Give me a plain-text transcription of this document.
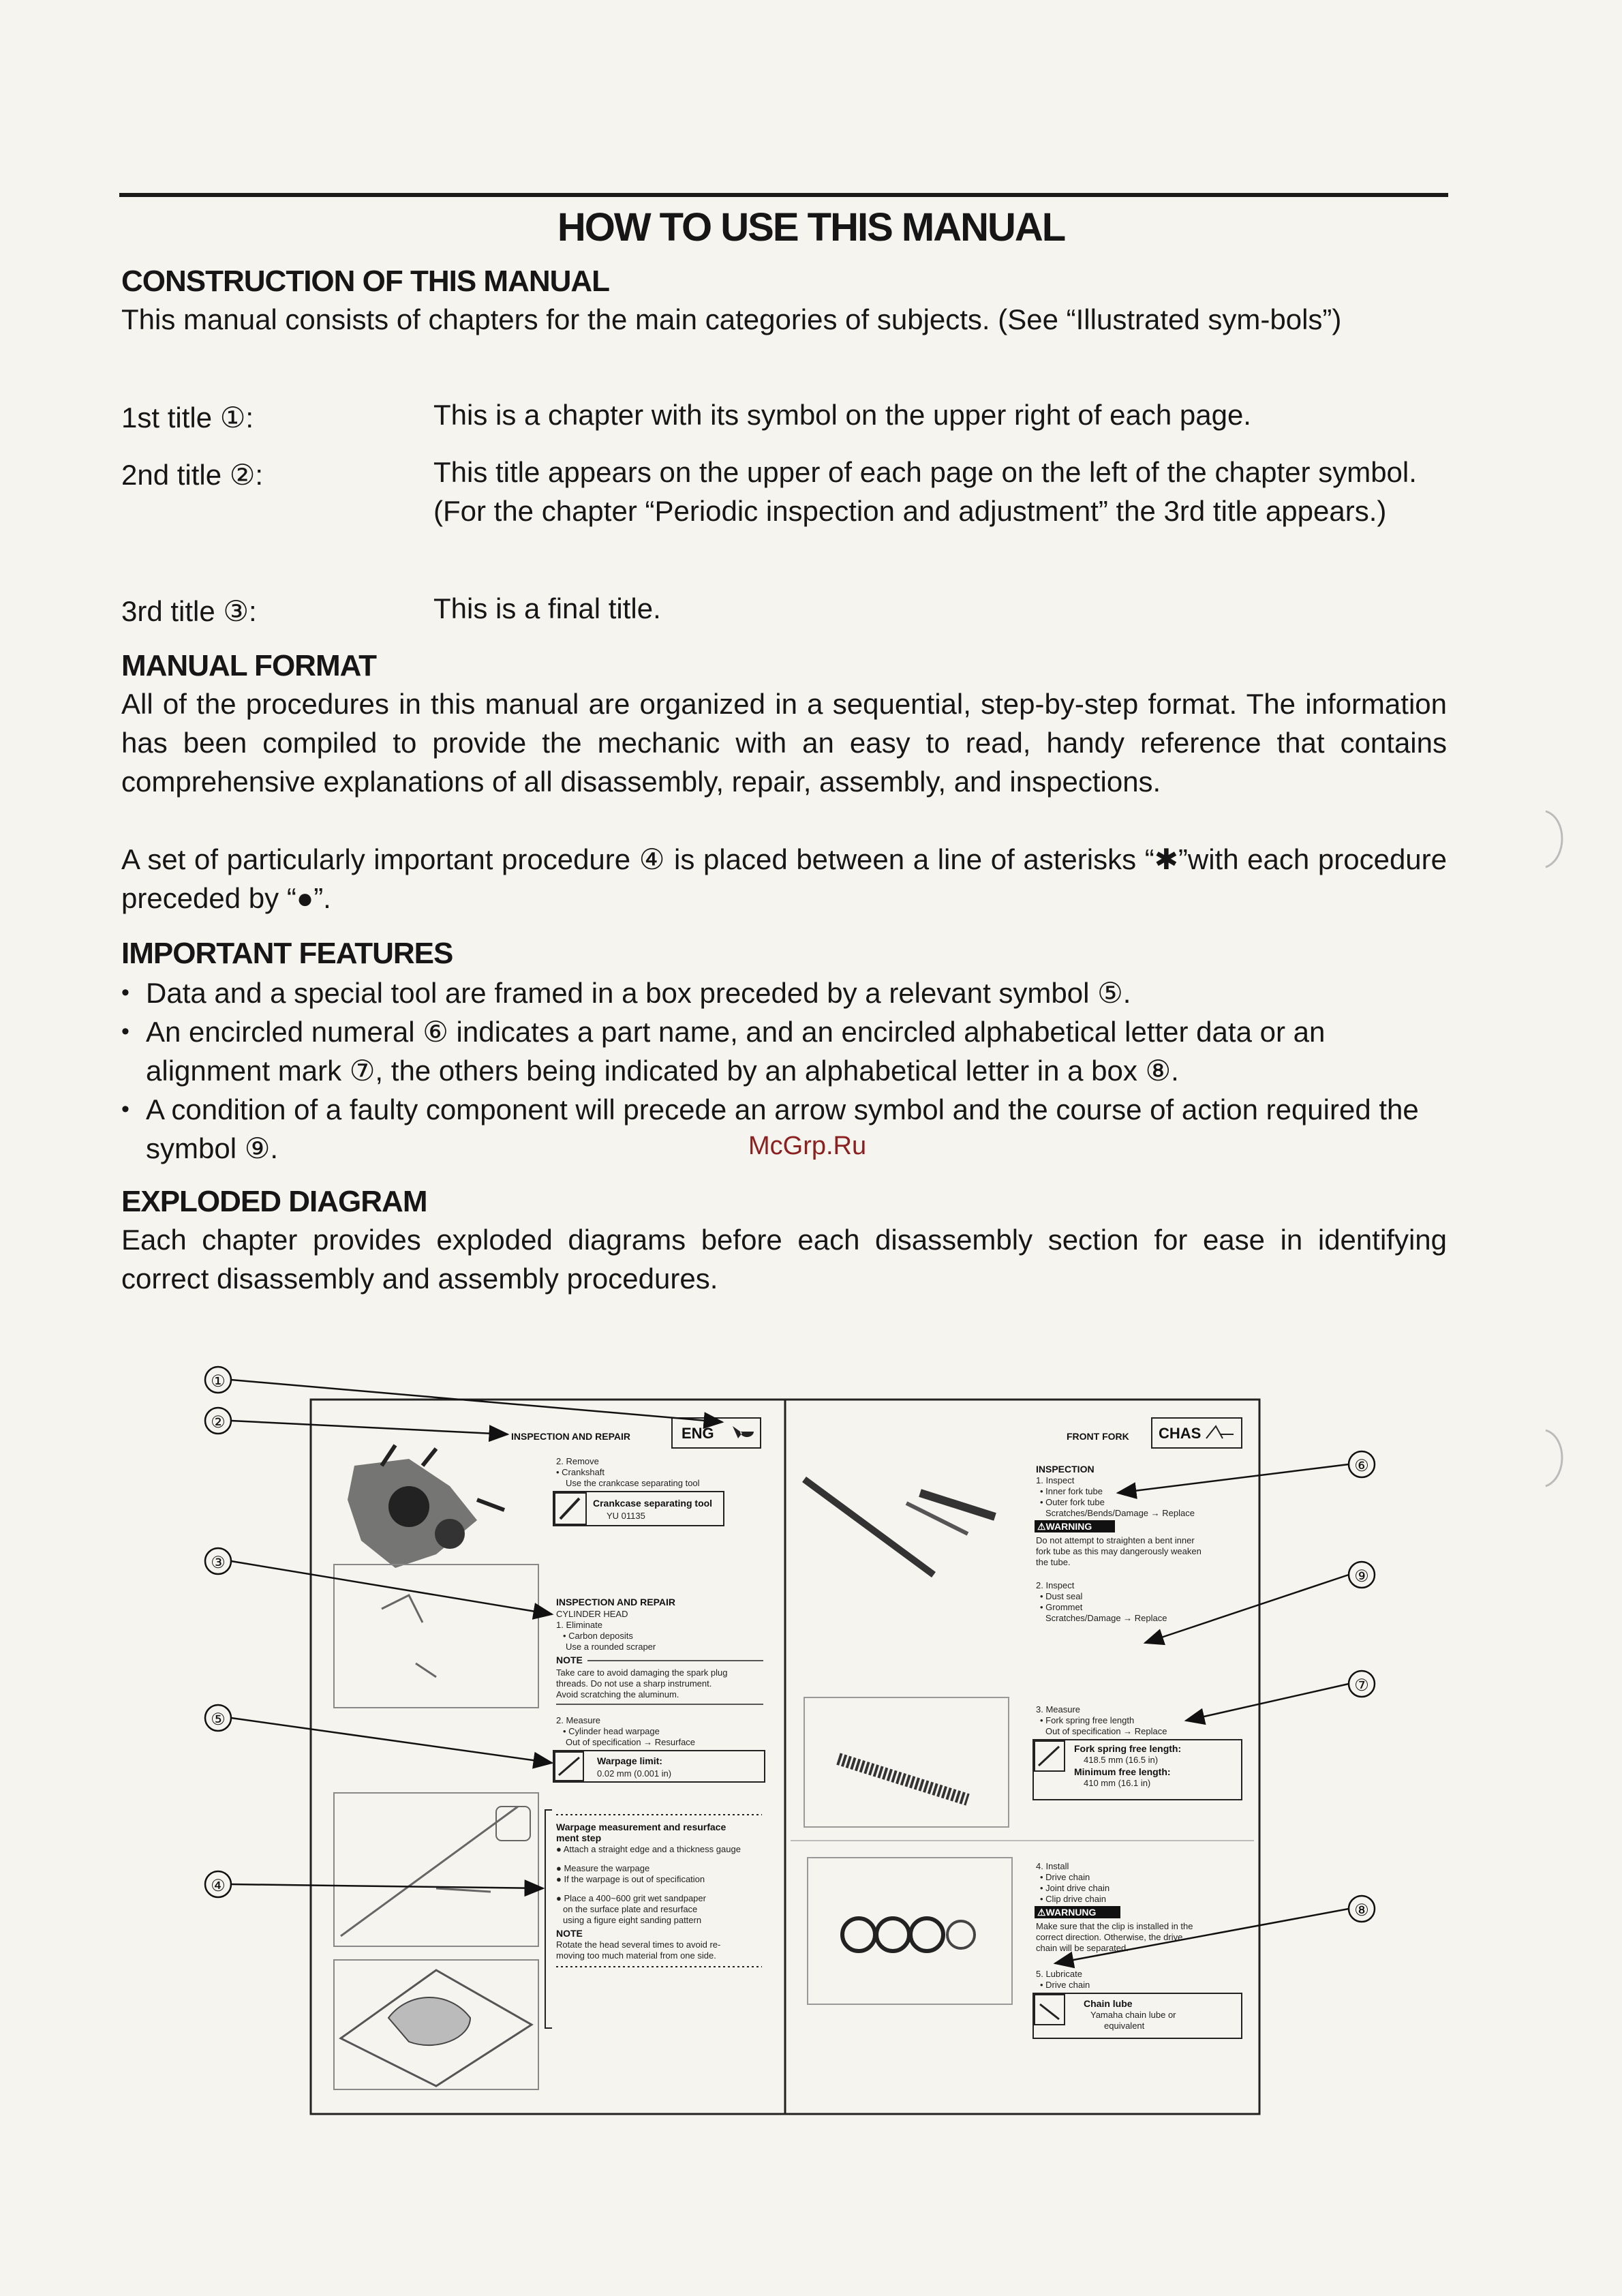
HOW TO USE THIS MANUAL
CONSTRUCTION OF THIS MANUAL
This manual consists of chapters for the main categories of subjects. (See “Illustrated sym-bols”)
1st title ①:	This is a chapter with its symbol on the upper right of each page.
2nd title ②:	This title appears on the upper of each page on the left of the chapter symbol. (For the chapter “Periodic inspection and adjustment” the 3rd title appears.)
3rd title ③:	This is a final title.
MANUAL FORMAT
All of the procedures in this manual are organized in a sequential, step-by-step format. The information has been compiled to provide the mechanic with an easy to read, handy reference that contains comprehensive explanations of all disassembly, repair, assembly, and inspections.
A set of particularly important procedure ④ is placed between a line of asterisks “✱”with each procedure preceded by “●”.
IMPORTANT FEATURES
• Data and a special tool are framed in a box preceded by a relevant symbol ⑤.
• An encircled numeral ⑥ indicates a part name, and an encircled alphabetical letter data or an alignment mark ⑦, the others being indicated by an alphabetical letter in a box ⑧.
• A condition of a faulty component will precede an arrow symbol and the course of action required the symbol ⑨.	McGrp.Ru
EXPLODED DIAGRAM
Each chapter provides exploded diagrams before each disassembly section for ease in identifying correct disassembly and assembly procedures.
INSPECTION AND REPAIR	ENG
2. Remove
• Crankshaft
Use the crankcase separating tool
Crankcase separating tool
YU 01135
INSPECTION AND REPAIR
CYLINDER HEAD
1. Eliminate
• Carbon deposits
Use a rounded scraper
NOTE
Take care to avoid damaging the spark plug
threads. Do not use a sharp instrument.
Avoid scratching the aluminum.
2. Measure
• Cylinder head warpage
Out of specification → Resurface
Warpage limit:
0.02 mm (0.001 in)
Warpage measurement and resurface
ment step
● Attach a straight edge and a thickness gauge
● Measure the warpage
● If the warpage is out of specification
● Place a 400~600 grit wet sandpaper
on the surface plate and resurface
using a figure eight sanding pattern
NOTE
Rotate the head several times to avoid re-
moving too much material from one side.
FRONT FORK CHAS
INSPECTION
1. Inspect
• Inner fork tube
• Outer fork tube
Scratches/Bends/Damage → Replace
⚠WARNING
Do not attempt to straighten a bent inner
fork tube as this may dangerously weaken
the tube.
2. Inspect
• Dust seal
• Grommet
Scratches/Damage → Replace
3. Measure
• Fork spring free length
Out of specification → Replace
Fork spring free length:
418.5 mm (16.5 in)
Minimum free length:
410 mm (16.1 in)
4. Install
• Drive chain
• Joint drive chain
• Clip drive chain
⚠WARNUNG
Make sure that the clip is installed in the
correct direction. Otherwise, the drive
chain will be separated.
5. Lubricate
• Drive chain
Chain lube
Yamaha chain lube or
equivalent
①
②
③
⑤
④
⑥
⑨
⑦
⑧
